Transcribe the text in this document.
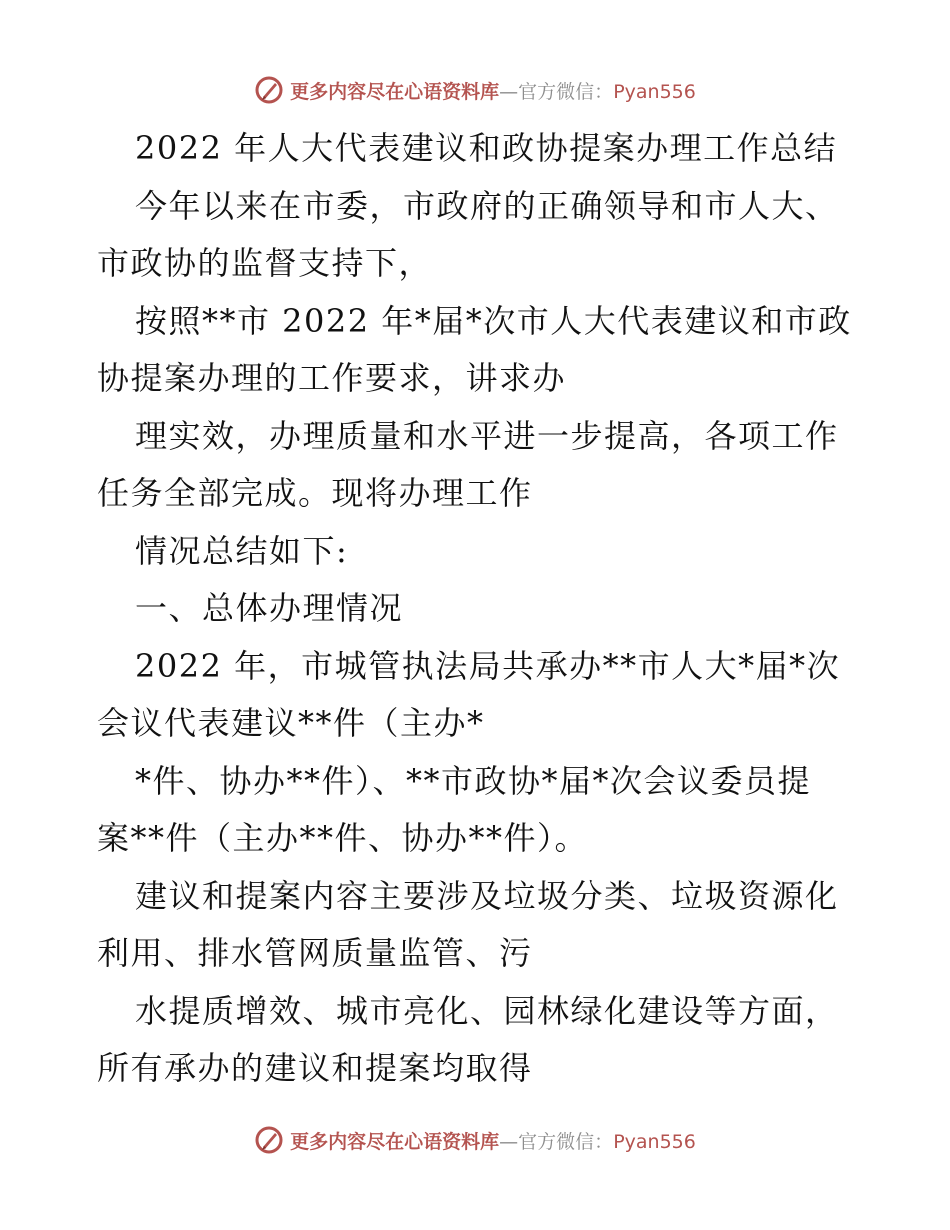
更多内容尽在心语资料库—官方微信：Pyan556
2022 年人大代表建议和政协提案办理工作总结
今年以来在市委，市政府的正确领导和市人大、
市政协的监督支持下，
按照**市 2022 年*届*次市人大代表建议和市政
协提案办理的工作要求，讲求办
理实效，办理质量和水平进一步提高，各项工作
任务全部完成。现将办理工作
情况总结如下:
一、总体办理情况
2022 年，市城管执法局共承办**市人大*届*次
会议代表建议**件（主办*
*件、协办**件）、**市政协*届*次会议委员提
案**件（主办**件、协办**件）。
建议和提案内容主要涉及垃圾分类、垃圾资源化
利用、排水管网质量监管、污
水提质增效、城市亮化、园林绿化建设等方面，
所有承办的建议和提案均取得
更多内容尽在心语资料库—官方微信：Pyan556
